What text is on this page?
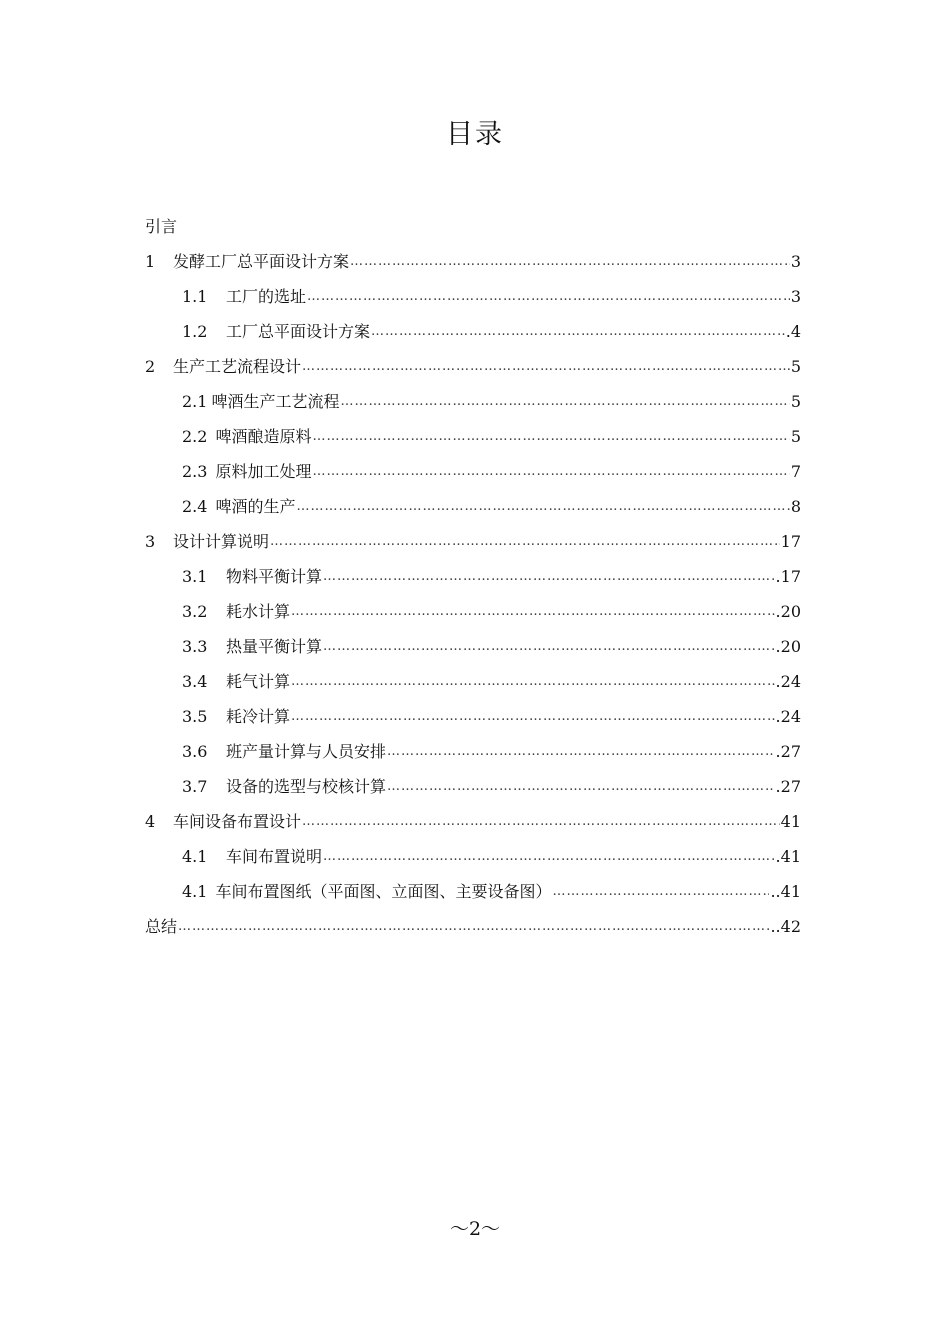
目录
引言
1	发酵工厂总平面设计方案 …………………………………………………………………………………………………………………………………………………………………………………………………………	3
1.1	工厂的选址 …………………………………………………………………………………………………………………………………………………………………………………………………………	3
1.2	工厂总平面设计方案 …………………………………………………………………………………………………………………………………………………………………………………………………………	.4
2	生产工艺流程设计 …………………………………………………………………………………………………………………………………………………………………………………………………………	5
2.1 啤酒生产工艺流程 …………………………………………………………………………………………………………………………………………………………………………………………………………	5
2.2 啤酒酿造原料 …………………………………………………………………………………………………………………………………………………………………………………………………………	5
2.3 原料加工处理 …………………………………………………………………………………………………………………………………………………………………………………………………………	7
2.4 啤酒的生产 …………………………………………………………………………………………………………………………………………………………………………………………………………	8
3	设计计算说明 …………………………………………………………………………………………………………………………………………………………………………………………………………	17
3.1	物料平衡计算 …………………………………………………………………………………………………………………………………………………………………………………………………………	.17
3.2	耗水计算 …………………………………………………………………………………………………………………………………………………………………………………………………………	.20
3.3	热量平衡计算 …………………………………………………………………………………………………………………………………………………………………………………………………………	.20
3.4	耗气计算 …………………………………………………………………………………………………………………………………………………………………………………………………………	.24
3.5	耗冷计算 …………………………………………………………………………………………………………………………………………………………………………………………………………	.24
3.6	班产量计算与人员安排 …………………………………………………………………………………………………………………………………………………………………………………………………………	.27
3.7	设备的选型与校核计算 …………………………………………………………………………………………………………………………………………………………………………………………………………	.27
4	车间设备布置设计 …………………………………………………………………………………………………………………………………………………………………………………………………………	41
4.1	车间布置说明 …………………………………………………………………………………………………………………………………………………………………………………………………………	.41
4.1 车间布置图纸（平面图、立面图、主要设备图） …………………………………………………………………………………………………………………………………………………………………………………………………………	..41
总结 …………………………………………………………………………………………………………………………………………………………………………………………………………	..42
～2～
